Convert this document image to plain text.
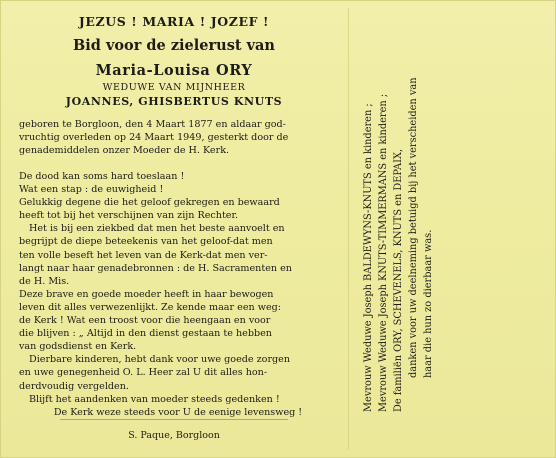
JEZUS ! MARIA ! JOZEF !
Bid voor de zielerust van
Maria-Louisa ORY
WEDUWE VAN MIJNHEER
JOANNES, GHISBERTUS KNUTS
geboren te Borgloon, den 4 Maart 1877 en aldaar god-
vruchtig overleden op 24 Maart 1949, gesterkt door de
genademiddelen onzer Moeder de H. Kerk.

De dood kan soms hard toeslaan !

Wat een stap : de euwigheid !

Gelukkig degene die het geloof gekregen en bewaard

heeft tot bij het verschijnen van zijn Rechter.

Het is bij een ziekbed dat men het beste aanvoelt en

begrijpt de diepe beteekenis van het geloof-dat men

ten volle beseft het leven van de Kerk-dat men ver-

langt naar haar genadebronnen : de H. Sacramenten en

de H. Mis.

Deze brave en goede moeder heeft in haar bewogen

leven dit alles verwezenlijkt. Ze kende maar een weg:

de Kerk ! Wat een troost voor die heengaan en voor

die blijven : „ Altijd in den dienst gestaan te hebben

van godsdienst en Kerk.

Dierbare kinderen, hebt dank voor uwe goede zorgen

en uwe genegenheid O. L. Heer zal U dit alles hon-

derdvoudig vergelden.

Blijft het aandenken van moeder steeds gedenken !

De Kerk weze steeds voor U de eenige levensweg !

S. Paque, Borgloon
Mevrouw Weduwe Joseph BALDEWYNS-KNUTS en kinderen ; Mevrouw Weduwe Joseph KNUTS-TIMMERMANS en kinderen ; De familiën ORY, SCHEVENELS, KNUTS en DEPAIX, danken voor uw deelneming betuigd bij het verscheiden van haar die hun zo dierbaar was.
